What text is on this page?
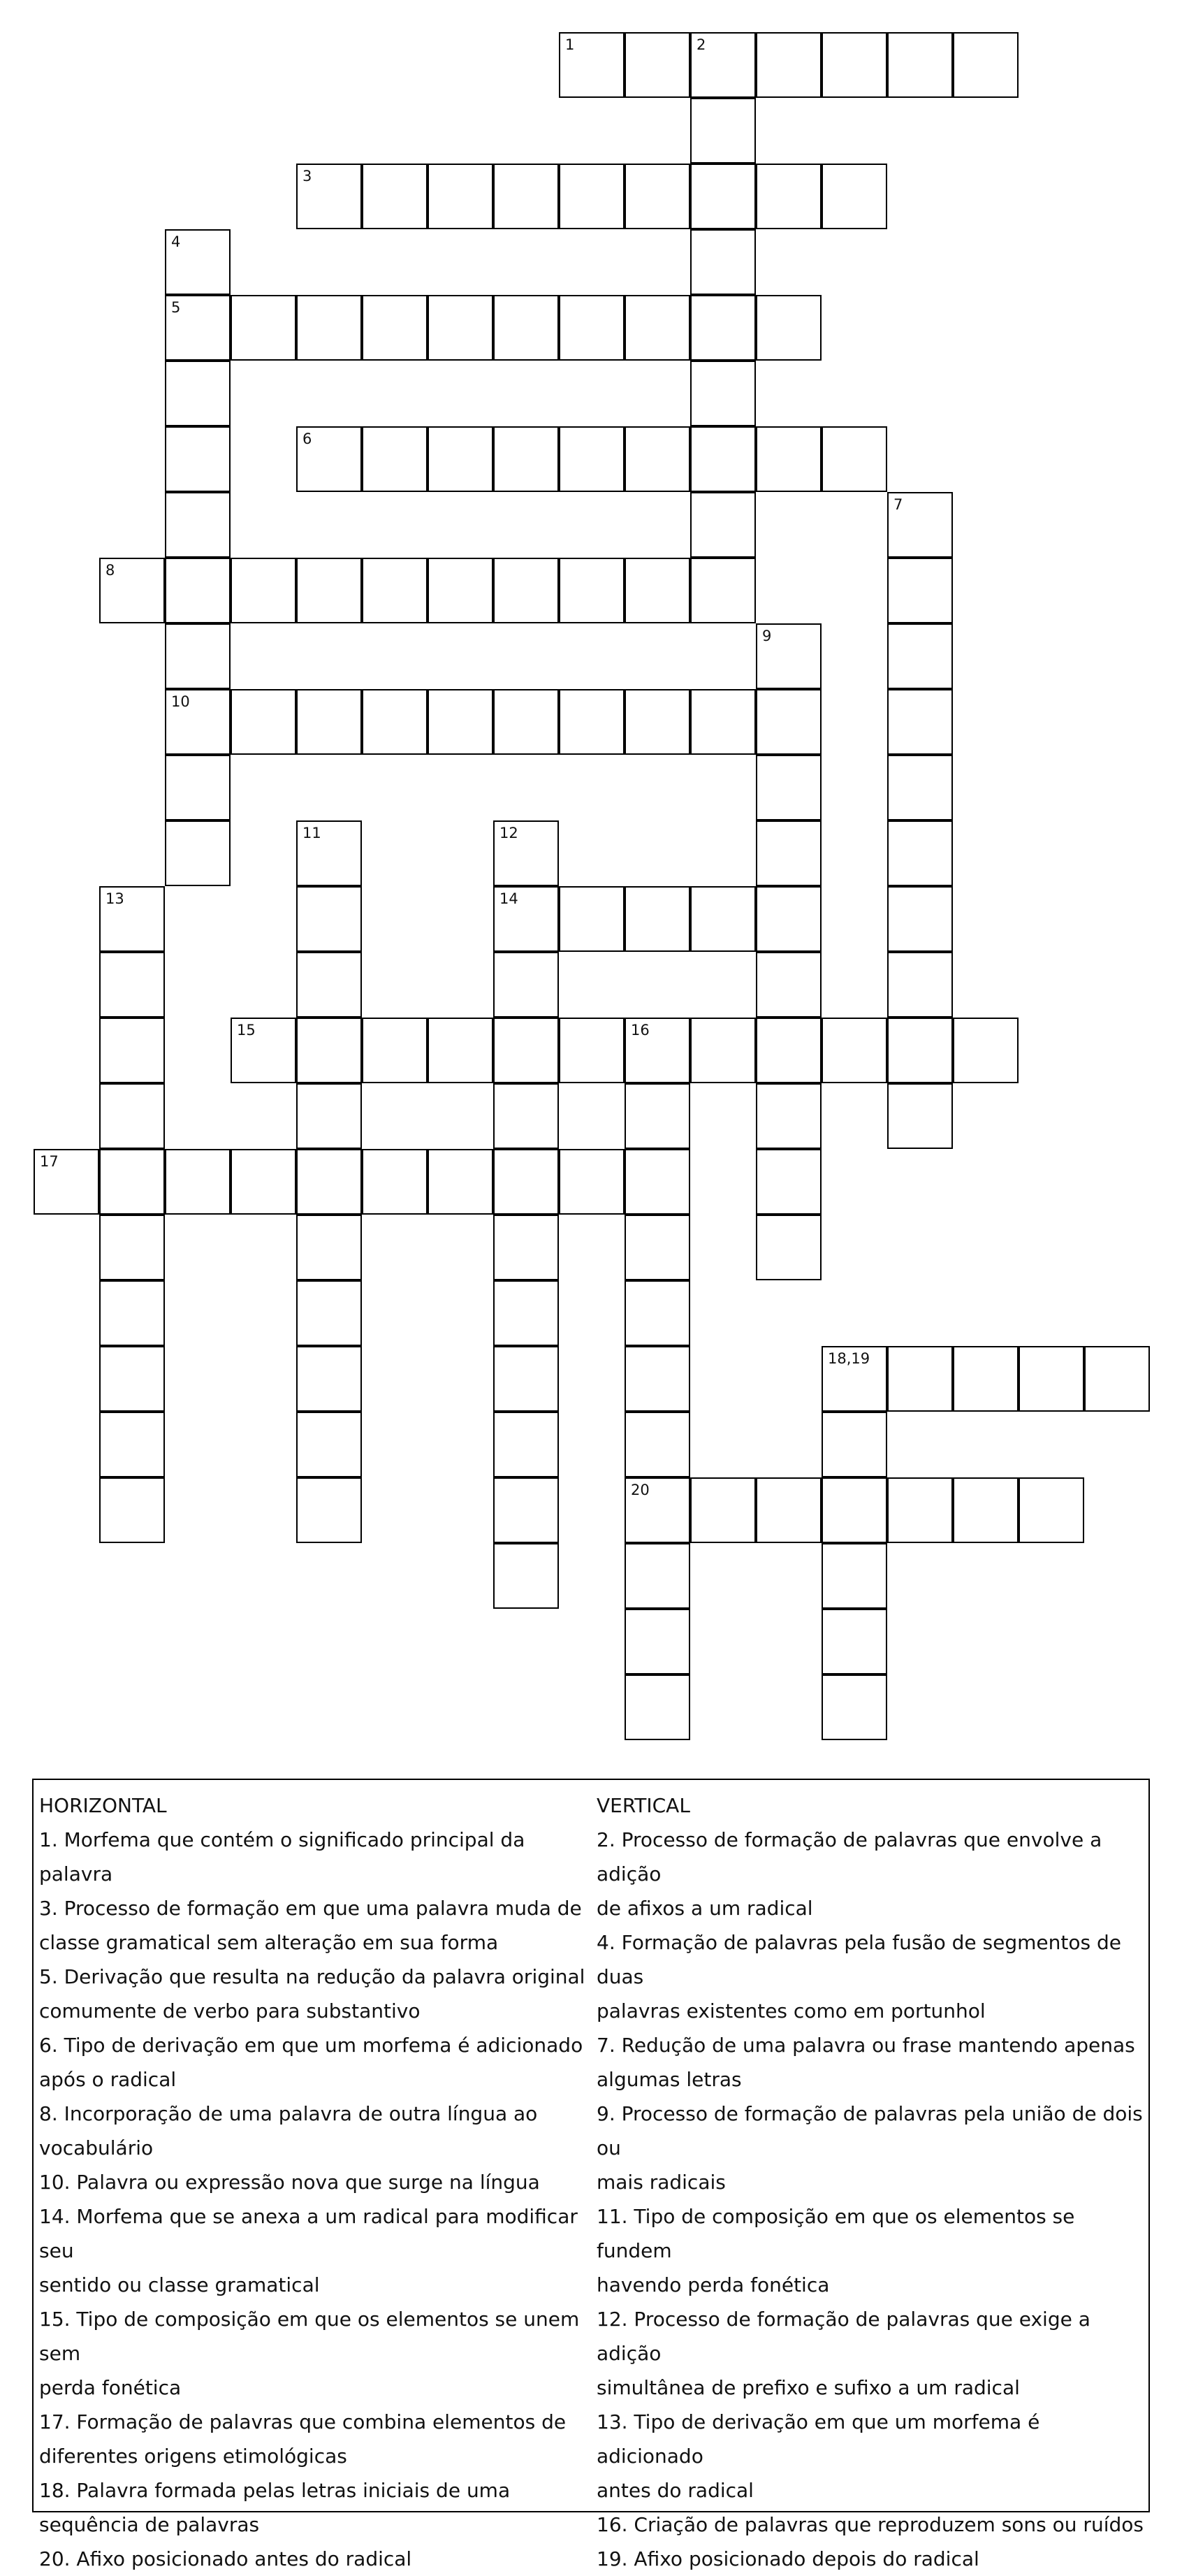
1	2
3
4
5
6
7
8
9
10
11	12
13	14
15	16
17
18,19
20
HORIZONTAL
1. Morfema que contém o significado principal da palavra
3. Processo de formação em que uma palavra muda de
classe gramatical sem alteração em sua forma
5. Derivação que resulta na redução da palavra original
comumente de verbo para substantivo
6. Tipo de derivação em que um morfema é adicionado
após o radical
8. Incorporação de uma palavra de outra língua ao
vocabulário
10. Palavra ou expressão nova que surge na língua
14. Morfema que se anexa a um radical para modificar seu
sentido ou classe gramatical
15. Tipo de composição em que os elementos se unem sem
perda fonética
17. Formação de palavras que combina elementos de
diferentes origens etimológicas
18. Palavra formada pelas letras iniciais de uma
sequência de palavras
20. Afixo posicionado antes do radical
VERTICAL
2. Processo de formação de palavras que envolve a adição
de afixos a um radical
4. Formação de palavras pela fusão de segmentos de duas
palavras existentes como em portunhol
7. Redução de uma palavra ou frase mantendo apenas
algumas letras
9. Processo de formação de palavras pela união de dois ou
mais radicais
11. Tipo de composição em que os elementos se fundem
havendo perda fonética
12. Processo de formação de palavras que exige a adição
simultânea de prefixo e sufixo a um radical
13. Tipo de derivação em que um morfema é adicionado
antes do radical
16. Criação de palavras que reproduzem sons ou ruídos
19. Afixo posicionado depois do radical
